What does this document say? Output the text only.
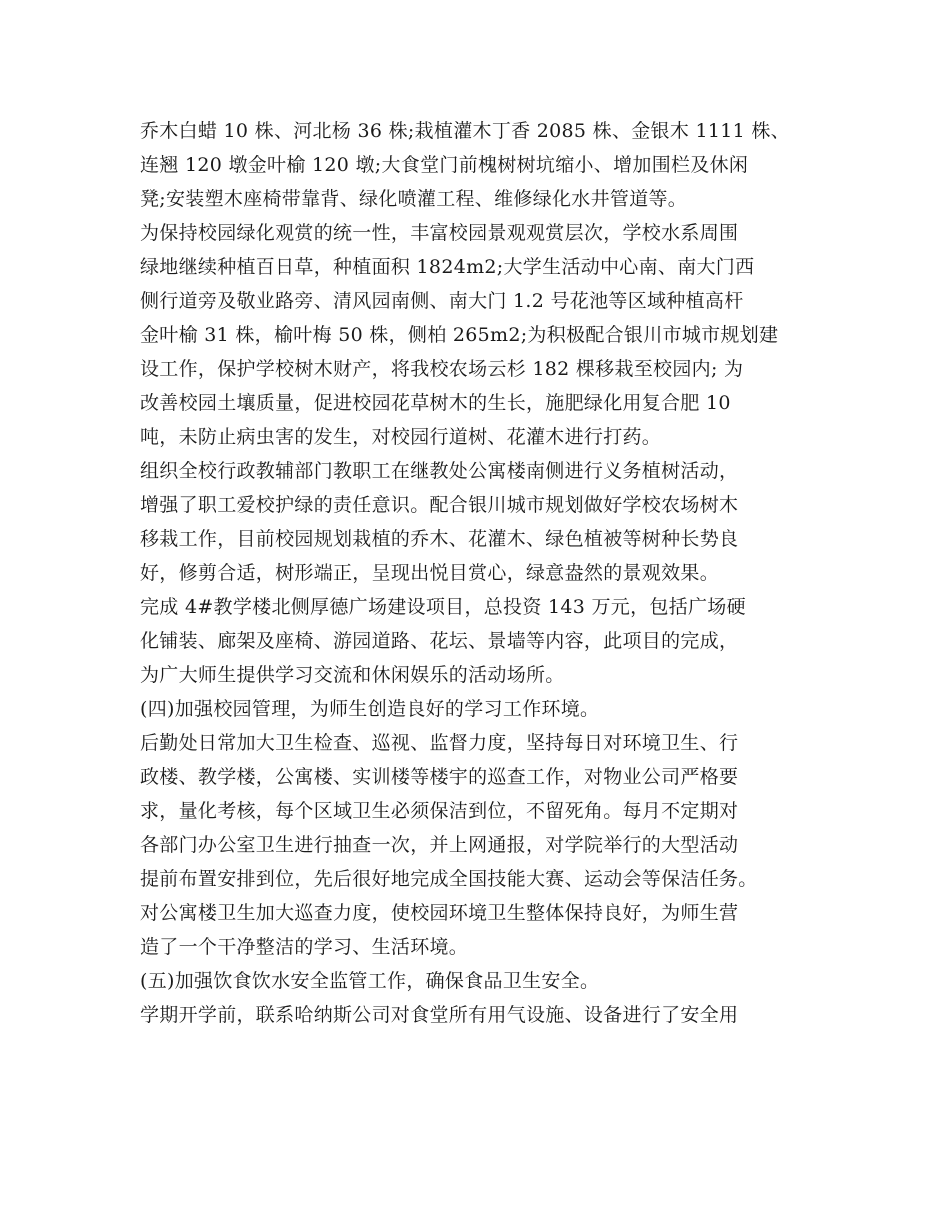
乔木白蜡 10 株、河北杨 36 株;栽植灌木丁香 2085 株、金银木 1111 株、
连翘 120 墩金叶榆 120 墩;大食堂门前槐树树坑缩小、增加围栏及休闲
凳;安装塑木座椅带靠背、绿化喷灌工程、维修绿化水井管道等。
为保持校园绿化观赏的统一性，丰富校园景观观赏层次，学校水系周围
绿地继续种植百日草，种植面积 1824m2;大学生活动中心南、南大门西
侧行道旁及敬业路旁、清风园南侧、南大门 1.2 号花池等区域种植高杆
金叶榆 31 株，榆叶梅 50 株，侧柏 265m2;为积极配合银川市城市规划建
设工作，保护学校树木财产，将我校农场云杉 182 棵移栽至校园内; 为
改善校园土壤质量，促进校园花草树木的生长，施肥绿化用复合肥 10
吨，未防止病虫害的发生，对校园行道树、花灌木进行打药。
组织全校行政教辅部门教职工在继教处公寓楼南侧进行义务植树活动，
增强了职工爱校护绿的责任意识。配合银川城市规划做好学校农场树木
移栽工作，目前校园规划栽植的乔木、花灌木、绿色植被等树种长势良
好，修剪合适，树形端正，呈现出悦目赏心，绿意盎然的景观效果。
完成 4#教学楼北侧厚德广场建设项目，总投资 143 万元，包括广场硬
化铺装、廊架及座椅、游园道路、花坛、景墙等内容，此项目的完成，
为广大师生提供学习交流和休闲娱乐的活动场所。
(四)加强校园管理，为师生创造良好的学习工作环境。
后勤处日常加大卫生检查、巡视、监督力度，坚持每日对环境卫生、行
政楼、教学楼，公寓楼、实训楼等楼宇的巡查工作，对物业公司严格要
求，量化考核，每个区域卫生必须保洁到位，不留死角。每月不定期对
各部门办公室卫生进行抽查一次，并上网通报，对学院举行的大型活动
提前布置安排到位，先后很好地完成全国技能大赛、运动会等保洁任务。
对公寓楼卫生加大巡查力度，使校园环境卫生整体保持良好，为师生营
造了一个干净整洁的学习、生活环境。
(五)加强饮食饮水安全监管工作，确保食品卫生安全。
学期开学前，联系哈纳斯公司对食堂所有用气设施、设备进行了安全用
